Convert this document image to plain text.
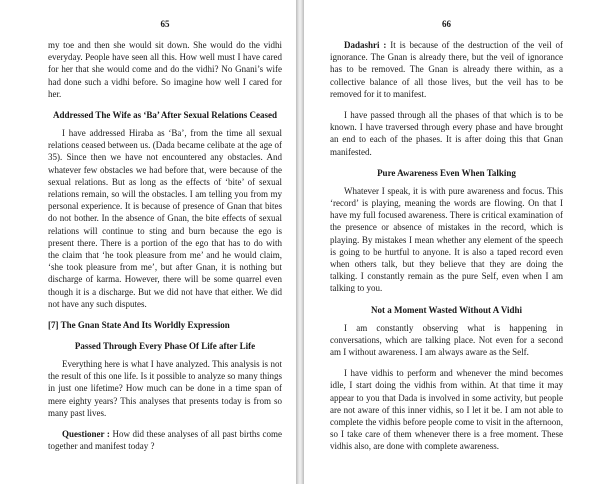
65

my toe and then she would sit down. She would do the vidhi everyday. People have seen all this. How well must I have cared for her that she would come and do the vidhi? No Gnani’s wife had done such a vidhi before. So imagine how well I cared for her.

Addressed The Wife as ‘Ba’ After Sexual Relations Ceased

I have addressed Hiraba as ‘Ba’, from the time all sexual relations ceased between us. (Dada became celibate at the age of 35). Since then we have not encountered any obstacles. And whatever few obstacles we had before that, were because of the sexual relations. But as long as the effects of ‘bite’ of sexual relations remain, so will the obstacles. I am telling you from my personal experience. It is because of presence of Gnan that bites do not bother. In the absence of Gnan, the bite effects of sexual relations will continue to sting and burn because the ego is present there. There is a portion of the ego that has to do with the claim that ‘he took pleasure from me’ and he would claim, ‘she took pleasure from me’, but after Gnan, it is nothing but discharge of karma. However, there will be some quarrel even though it is a discharge. But we did not have that either. We did not have any such disputes.

[7] The Gnan State And Its Worldly Expression
Passed Through Every Phase Of Life after Life

Everything here is what I have analyzed. This analysis is not the result of this one life. Is it possible to analyze so many things in just one lifetime? How much can be done in a time span of mere eighty years? This analyses that presents today is from so many past lives.

Questioner : How did these analyses of all past births come together and manifest today ?

66

Dadashri : It is because of the destruction of the veil of ignorance. The Gnan is already there, but the veil of ignorance has to be removed. The Gnan is already there within, as a collective balance of all those lives, but the veil has to be removed for it to manifest.

I have passed through all the phases of that which is to be known. I have traversed through every phase and have brought an end to each of the phases. It is after doing this that Gnan manifested.

Pure Awareness Even When Talking

Whatever I speak, it is with pure awareness and focus. This ‘record’ is playing, meaning the words are flowing. On that I have my full focused awareness. There is critical examination of the presence or absence of mistakes in the record, which is playing. By mistakes I mean whether any element of the speech is going to be hurtful to anyone. It is also a taped record even when others talk, but they believe that they are doing the talking. I constantly remain as the pure Self, even when I am talking to you.

Not a Moment Wasted Without A Vidhi

I am constantly observing what is happening in conversations, which are talking place. Not even for a second am I without awareness. I am always aware as the Self.

I have vidhis to perform and whenever the mind becomes idle, I start doing the vidhis from within. At that time it may appear to you that Dada is involved in some activity, but people are not aware of this inner vidhis, so I let it be. I am not able to complete the vidhis before people come to visit in the afternoon, so I take care of them whenever there is a free moment. These vidhis also, are done with complete awareness.
